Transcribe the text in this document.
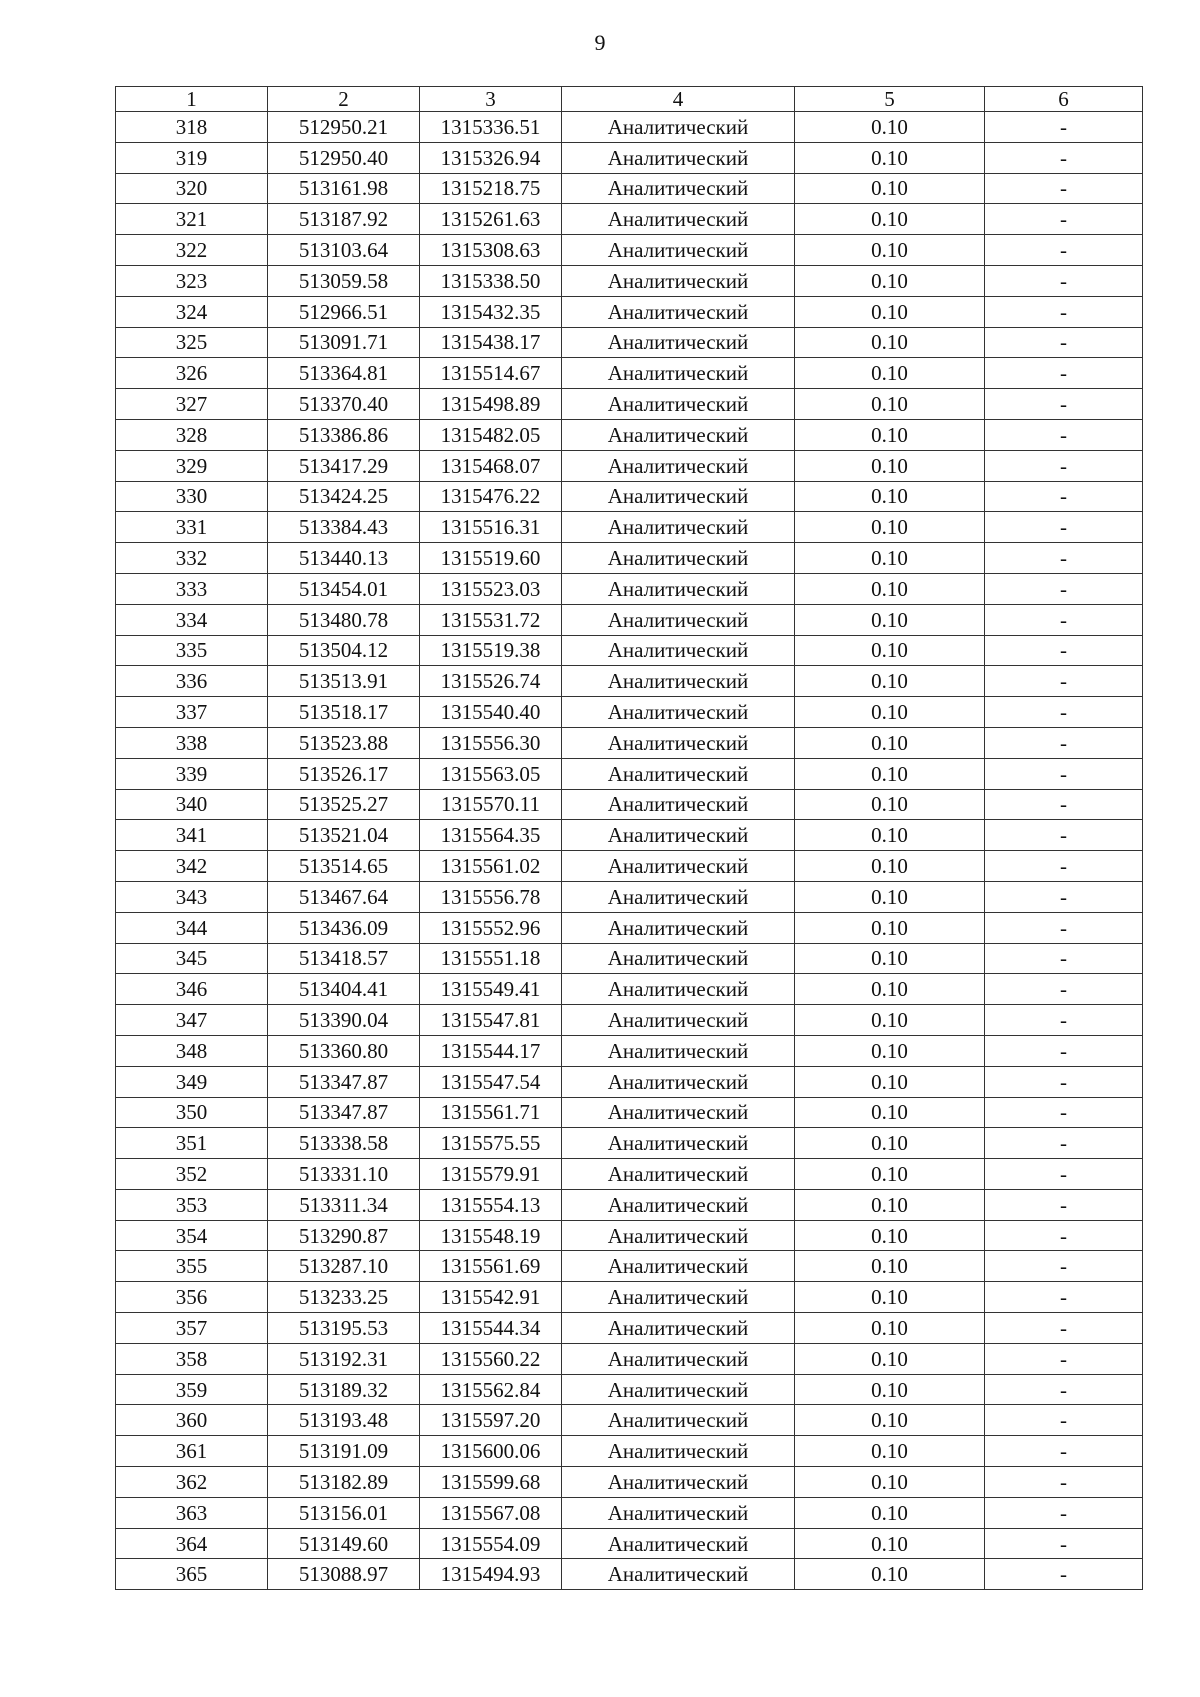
9
1	2	3	4	5	6
318	512950.21	1315336.51	Аналитический	0.10	-
319	512950.40	1315326.94	Аналитический	0.10	-
320	513161.98	1315218.75	Аналитический	0.10	-
321	513187.92	1315261.63	Аналитический	0.10	-
322	513103.64	1315308.63	Аналитический	0.10	-
323	513059.58	1315338.50	Аналитический	0.10	-
324	512966.51	1315432.35	Аналитический	0.10	-
325	513091.71	1315438.17	Аналитический	0.10	-
326	513364.81	1315514.67	Аналитический	0.10	-
327	513370.40	1315498.89	Аналитический	0.10	-
328	513386.86	1315482.05	Аналитический	0.10	-
329	513417.29	1315468.07	Аналитический	0.10	-
330	513424.25	1315476.22	Аналитический	0.10	-
331	513384.43	1315516.31	Аналитический	0.10	-
332	513440.13	1315519.60	Аналитический	0.10	-
333	513454.01	1315523.03	Аналитический	0.10	-
334	513480.78	1315531.72	Аналитический	0.10	-
335	513504.12	1315519.38	Аналитический	0.10	-
336	513513.91	1315526.74	Аналитический	0.10	-
337	513518.17	1315540.40	Аналитический	0.10	-
338	513523.88	1315556.30	Аналитический	0.10	-
339	513526.17	1315563.05	Аналитический	0.10	-
340	513525.27	1315570.11	Аналитический	0.10	-
341	513521.04	1315564.35	Аналитический	0.10	-
342	513514.65	1315561.02	Аналитический	0.10	-
343	513467.64	1315556.78	Аналитический	0.10	-
344	513436.09	1315552.96	Аналитический	0.10	-
345	513418.57	1315551.18	Аналитический	0.10	-
346	513404.41	1315549.41	Аналитический	0.10	-
347	513390.04	1315547.81	Аналитический	0.10	-
348	513360.80	1315544.17	Аналитический	0.10	-
349	513347.87	1315547.54	Аналитический	0.10	-
350	513347.87	1315561.71	Аналитический	0.10	-
351	513338.58	1315575.55	Аналитический	0.10	-
352	513331.10	1315579.91	Аналитический	0.10	-
353	513311.34	1315554.13	Аналитический	0.10	-
354	513290.87	1315548.19	Аналитический	0.10	-
355	513287.10	1315561.69	Аналитический	0.10	-
356	513233.25	1315542.91	Аналитический	0.10	-
357	513195.53	1315544.34	Аналитический	0.10	-
358	513192.31	1315560.22	Аналитический	0.10	-
359	513189.32	1315562.84	Аналитический	0.10	-
360	513193.48	1315597.20	Аналитический	0.10	-
361	513191.09	1315600.06	Аналитический	0.10	-
362	513182.89	1315599.68	Аналитический	0.10	-
363	513156.01	1315567.08	Аналитический	0.10	-
364	513149.60	1315554.09	Аналитический	0.10	-
365	513088.97	1315494.93	Аналитический	0.10	-
